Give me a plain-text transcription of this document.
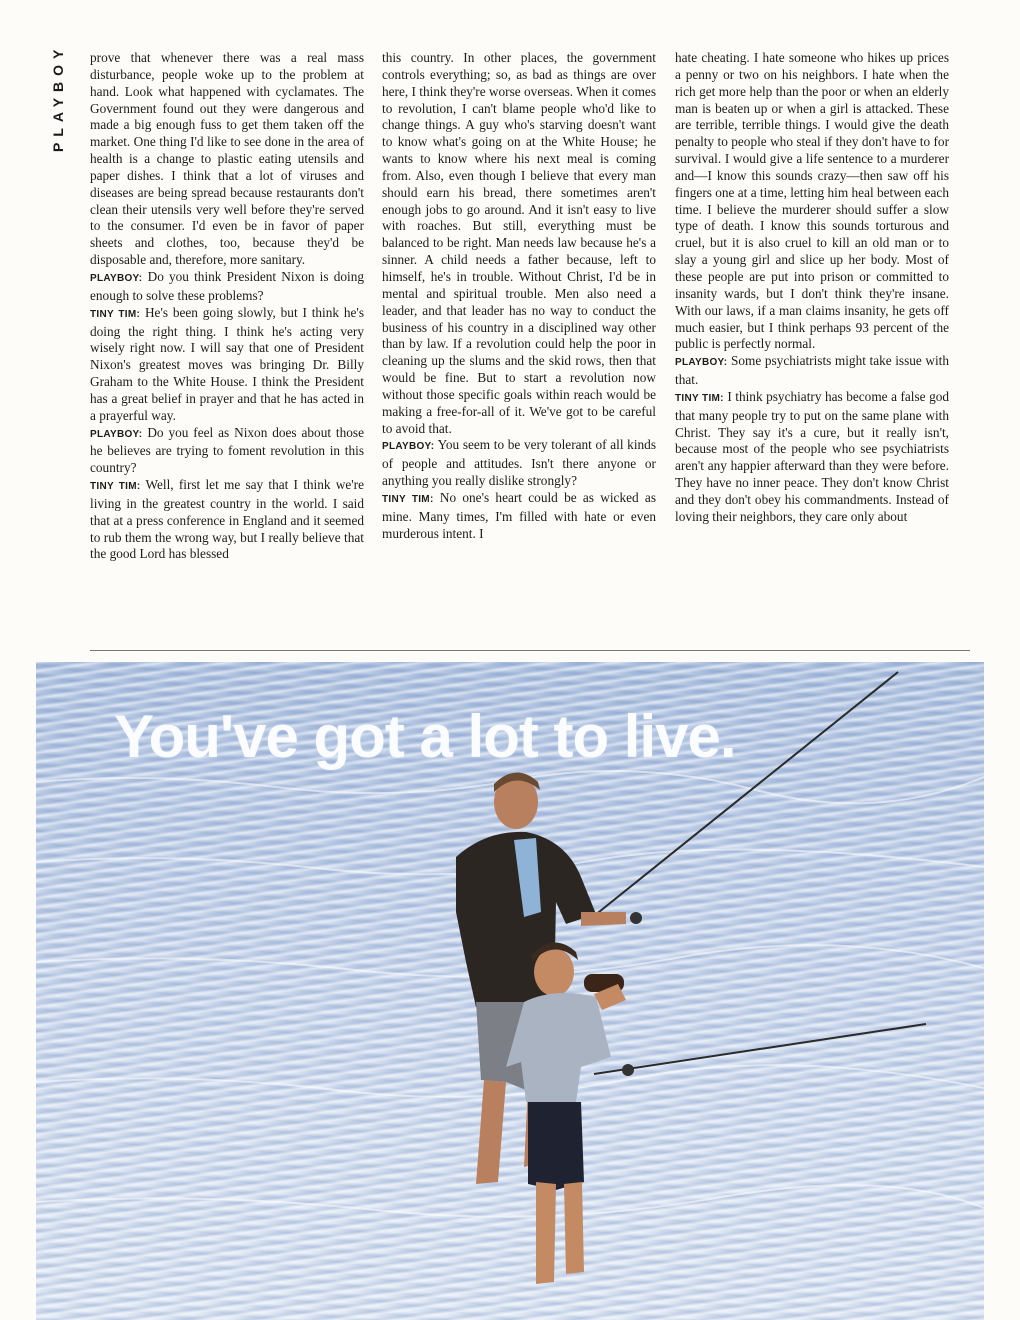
PLAYBOY	prove that whenever there was a real mass disturbance, people woke up to the problem at hand. Look what happened with cyclamates. The Government found out they were dangerous and made a big enough fuss to get them taken off the market. One thing I'd like to see done in the area of health is a change to plastic eating utensils and paper dishes. I think that a lot of viruses and diseases are being spread because restaurants don't clean their utensils very well before they're served to the consumer. I'd even be in favor of paper sheets and clothes, too, because they'd be disposable and, therefore, more sanitary.

PLAYBOY: Do you think President Nixon is doing enough to solve these problems?

TINY TIM: He's been going slowly, but I think he's doing the right thing. I think he's acting very wisely right now. I will say that one of President Nixon's greatest moves was bringing Dr. Billy Graham to the White House. I think the President has a great belief in prayer and that he has acted in a prayerful way.

PLAYBOY: Do you feel as Nixon does about those he believes are trying to foment revolution in this country?

TINY TIM: Well, first let me say that I think we're living in the greatest country in the world. I said that at a press conference in England and it seemed to rub them the wrong way, but I really believe that the good Lord has blessed

this country. In other places, the government controls everything; so, as bad as things are over here, I think they're worse overseas. When it comes to revolution, I can't blame people who'd like to change things. A guy who's starving doesn't want to know what's going on at the White House; he wants to know where his next meal is coming from. Also, even though I believe that every man should earn his bread, there sometimes aren't enough jobs to go around. And it isn't easy to live with roaches. But still, everything must be balanced to be right. Man needs law because he's a sinner. A child needs a father because, left to himself, he's in trouble. Without Christ, I'd be in mental and spiritual trouble. Men also need a leader, and that leader has no way to conduct the business of his country in a disciplined way other than by law. If a revolution could help the poor in cleaning up the slums and the skid rows, then that would be fine. But to start a revolution now without those specific goals within reach would be making a free-for-all of it. We've got to be careful to avoid that.

PLAYBOY: You seem to be very tolerant of all kinds of people and attitudes. Isn't there anyone or anything you really dislike strongly?

TINY TIM: No one's heart could be as wicked as mine. Many times, I'm filled with hate or even murderous intent. I

hate cheating. I hate someone who hikes up prices a penny or two on his neighbors. I hate when the rich get more help than the poor or when an elderly man is beaten up or when a girl is attacked. These are terrible, terrible things. I would give the death penalty to people who steal if they don't have to for survival. I would give a life sentence to a murderer and—I know this sounds crazy—then saw off his fingers one at a time, letting him heal between each time. I believe the murderer should suffer a slow type of death. I know this sounds torturous and cruel, but it is also cruel to kill an old man or to slay a young girl and slice up her body. Most of these people are put into prison or committed to insanity wards, but I don't think they're insane. With our laws, if a man claims insanity, he gets off much easier, but I think perhaps 93 percent of the public is perfectly normal.

PLAYBOY: Some psychiatrists might take issue with that.

TINY TIM: I think psychiatry has become a false god that many people try to put on the same plane with Christ. They say it's a cure, but it really isn't, because most of the people who see psychiatrists aren't any happier afterward than they were before. They have no inner peace. They don't know Christ and they don't obey his commandments. Instead of loving their neighbors, they care only about

You've got a lot to live.
